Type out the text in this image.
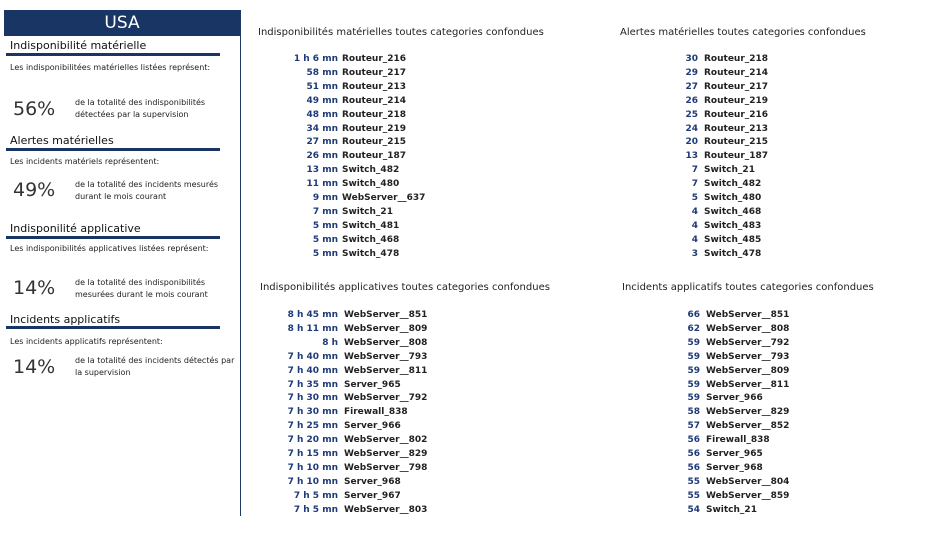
USA
Indisponibilité matérielle
Les indisponibilitées matérielles listées représent:
56% de la totalité des indisponibilités détectées par la supervision
Alertes matérielles
Les incidents matériels représentent:
49% de la totalité des incidents mesurés durant le mois courant
Indisponilité applicative
Les indisponibilités applicatives listées représent:
14% de la totalité des indisponibilités mesurées durant le mois courant
Incidents applicatifs
Les incidents applicatifs représentent:
14% de la totalité des incidents détectés par la supervision
Indisponibilités matérielles toutes categories confondues
1 h 6 mn Routeur_216
58 mn Routeur_217
51 mn Routeur_213
49 mn Routeur_214
48 mn Routeur_218
34 mn Routeur_219
27 mn Routeur_215
26 mn Routeur_187
13 mn Switch_482
11 mn Switch_480
9 mn WebServer__637
7 mn Switch_21
5 mn Switch_481
5 mn Switch_468
5 mn Switch_478
Alertes matérielles toutes categories confondues
30 Routeur_218
29 Routeur_214
27 Routeur_217
26 Routeur_219
25 Routeur_216
24 Routeur_213
20 Routeur_215
13 Routeur_187
7 Switch_21
7 Switch_482
5 Switch_480
4 Switch_468
4 Switch_483
4 Switch_485
3 Switch_478
Indisponibilités applicatives toutes categories confondues
8 h 45 mn WebServer__851
8 h 11 mn WebServer__809
8 h WebServer__808
7 h 40 mn WebServer__793
7 h 40 mn WebServer__811
7 h 35 mn Server_965
7 h 30 mn WebServer__792
7 h 30 mn Firewall_838
7 h 25 mn Server_966
7 h 20 mn WebServer__802
7 h 15 mn WebServer__829
7 h 10 mn WebServer__798
7 h 10 mn Server_968
7 h 5 mn Server_967
7 h 5 mn WebServer__803
Incidents applicatifs toutes categories confondues
66 WebServer__851
62 WebServer__808
59 WebServer__792
59 WebServer__793
59 WebServer__809
59 WebServer__811
59 Server_966
58 WebServer__829
57 WebServer__852
56 Firewall_838
56 Server_965
56 Server_968
55 WebServer__804
55 WebServer__859
54 Switch_21
